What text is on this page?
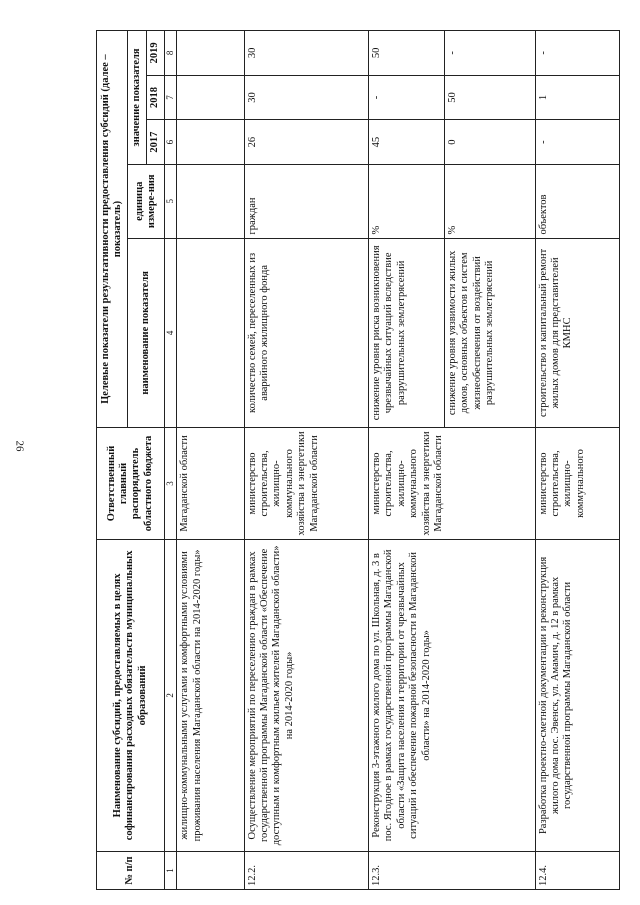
26
№ п/п	Наименование субсидий, предоставляемых в целях софинансирования расходных обязательств муниципальных образований	Ответственный главный распорядитель областного бюджета	Целевые показатели результативности предоставления субсидий (далее – показатель)				
			наименование показателя	единица измере-ния	значение показателя		
					2017	2018	2019
1	2	3	4	5	6	7	8
	жилищно-коммунальными услугами и комфортными условиями проживания населения Магаданской области на 2014-2020 годы»	Магаданской области					
12.2.	Осуществление мероприятий по переселению граждан в рамках государственной программы Магаданской области «Обеспечение доступным и комфортным жильем жителей Магаданской области» на 2014-2020 годы»	министерство строительства, жилищно-коммунального хозяйства и энергетики Магаданской области	количество семей, переселенных из аварийного жилищного фонда	граждан	26	30	30
12.3.	Реконструкция 3-этажного жилого дома по ул. Школьная, д. 3 в пос. Ягодное в рамках государственной программы Магаданской области «Защита населения и территории от чрезвычайных ситуаций и обеспечение пожарной безопасности в Магаданской области» на 2014-2020 годы»	министерство строительства, жилищно-коммунального хозяйства и энергетики Магаданской области	снижение уровня риска возникновения чрезвычайных ситуаций вследствие разрушительных землетрясений	%	45	-	50
			снижение уровня уязвимости жилых домов, основных объектов и систем жизнеобеспечения от воздействий разрушительных землетрясений	%	0	50	-
12.4.	Разработка проектно-сметной документации и реконструкция жилого дома пос. Эвенск, ул. Амамич, д. 12 в рамках государственной программы Магаданской области	министерство строительства, жилищно-коммунального	строительство и капитальный ремонт жилых домов для представителей КМНС	объектов	-	1	-
